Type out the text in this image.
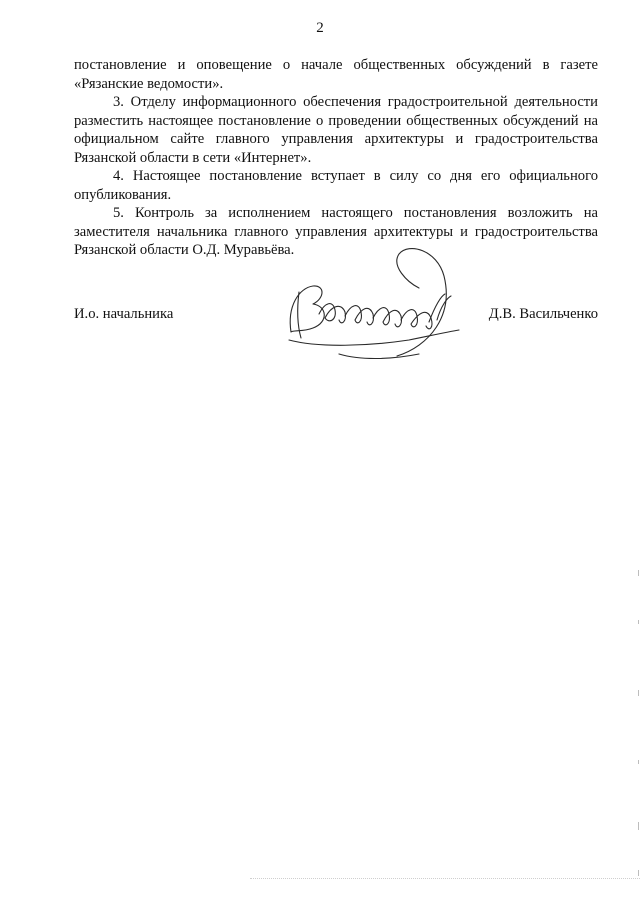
2

постановление и оповещение о начале общественных обсуждений в газете «Рязанские ведомости».

3. Отделу информационного обеспечения градостроительной деятельности разместить настоящее постановление о проведении общественных обсуждений на официальном сайте главного управления архитектуры и градостроительства Рязанской области в сети «Интернет».

4. Настоящее постановление вступает в силу со дня его официального опубликования.

5. Контроль за исполнением настоящего постановления возложить на заместителя начальника главного управления архитектуры и градостроительства Рязанской области О.Д. Муравьёва.

И.о. начальника	Д.В. Васильченко
